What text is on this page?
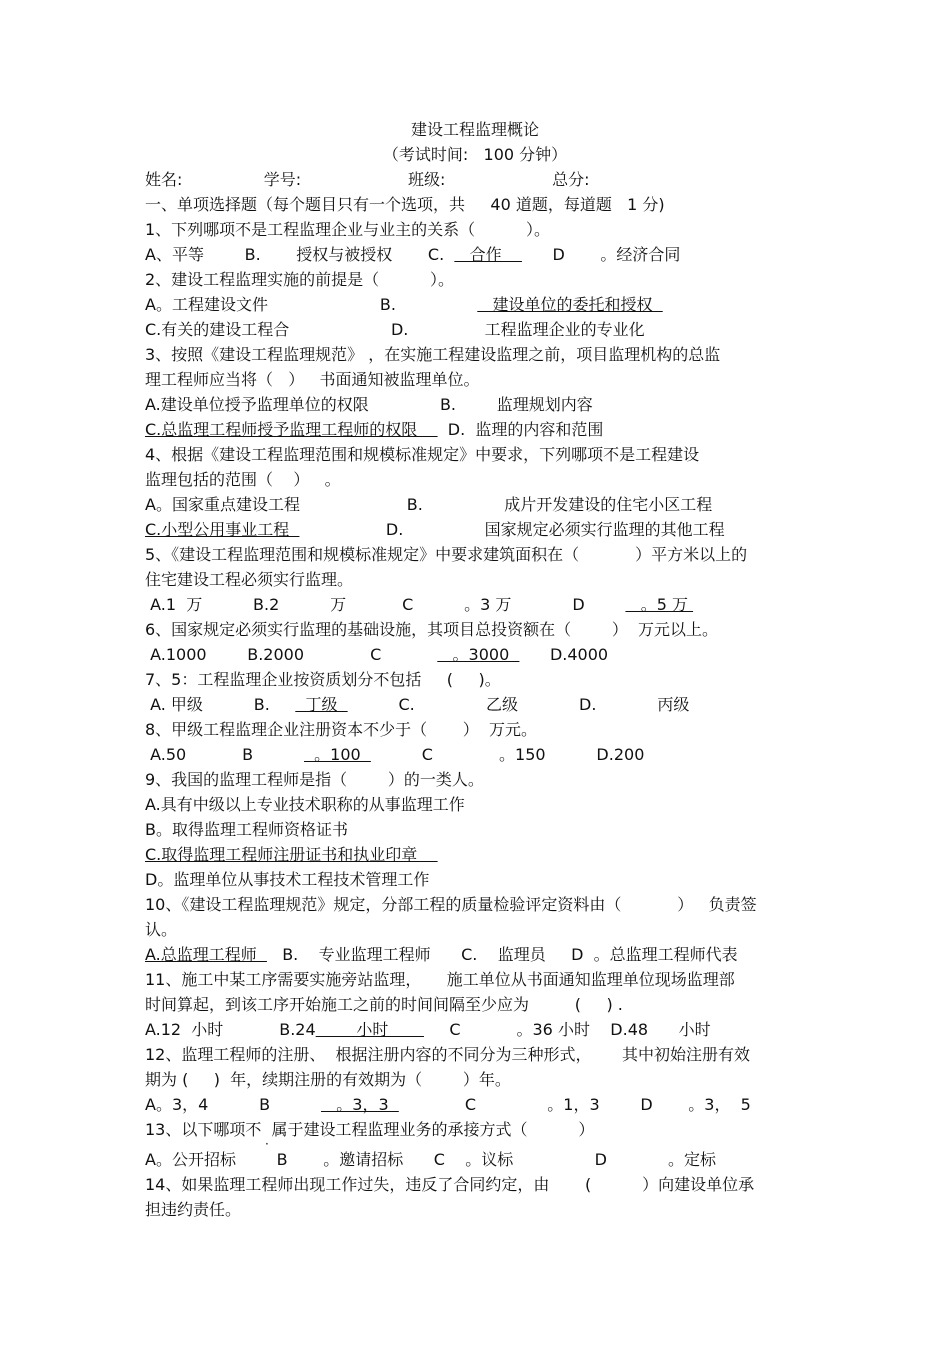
建设工程监理概论
（考试时间:   100 分钟）
姓名:                学号:                     班级:                     总分:
一、单项选择题（每个题目只有一个选项，共     40 道题，每道题   1 分)
1、下列哪项不是工程监理企业与业主的关系（          ）。
A、平等        B.       授权与被授权       C.     合作          D       。经济合同
2、建设工程监理实施的前提是（          ）。
A。工程建设文件                      B.                   建设单位的委托和授权
C.有关的建设工程合                    D.               工程监理企业的专业化
3、按照《建设工程监理规范》 ，在实施工程建设监理之前，项目监理机构的总监
理工程师应当将（   ）   书面通知被监理单位。
A.建设单位授予监理单位的权限              B.        监理规划内容
C.总监理工程师授予监理工程师的权限      D.  监理的内容和范围
4、根据《建设工程监理范围和规模标准规定》中要求，下列哪项不是工程建设
监理包括的范围（    ）   。
A。国家重点建设工程                     B.                成片开发建设的住宅小区工程
C.小型公用事业工程                   D.                国家规定必须实行监理的其他工程
5、《建设工程监理范围和规模标准规定》中要求建筑面积在（           ）平方米以上的
住宅建设工程必须实行监理。
A.1  万          B.2          万           C          。3 万            D           。5 万
6、国家规定必须实行监理的基础设施，其项目总投资额在（        ）  万元以上。
A.1000        B.2000             C              。3000        D.4000
7、5：工程监理企业按资质划分不包括     (     )。
A. 甲级          B.       丁级            C.              乙级            D.            丙级
8、甲级工程监理企业注册资本不少于（       ）  万元。
A.50           B            。100            C             。150          D.200
9、我国的监理工程师是指（        ）的一类人。
A.具有中级以上专业技术职称的从事监理工作
B。取得监理工程师资格证书
C.取得监理工程师注册证书和执业印章
D。监理单位从事技术工程技术管理工作
10、《建设工程监理规范》规定，分部工程的质量检验评定资料由（           ）   负责签
认。
A.总监理工程师     B.    专业监理工程师      C.    监理员     D  。总监理工程师代表
11、施工中某工序需要实施旁站监理，     施工单位从书面通知监理单位现场监理部
时间算起，到该工序开始施工之前的时间间隔至少应为         (     ) .
A.12  小时           B.24        小时            C           。36 小时    D.48      小时
12、监理工程师的注册、  根据注册内容的不同分为三种形式，      其中初始注册有效
期为 (     )  年，续期注册的有效期为（        ）年。
A。3，4          B             。3，3               C              。1，3        D       。3，  5
13、以下哪项不  属于建设工程监理业务的承接方式（          ）
A。公开招标        B       。邀请招标      C    。议标                D            。定标
14、如果监理工程师出现工作过失，违反了合同约定，由       (          ）向建设单位承
担违约责任。
·
